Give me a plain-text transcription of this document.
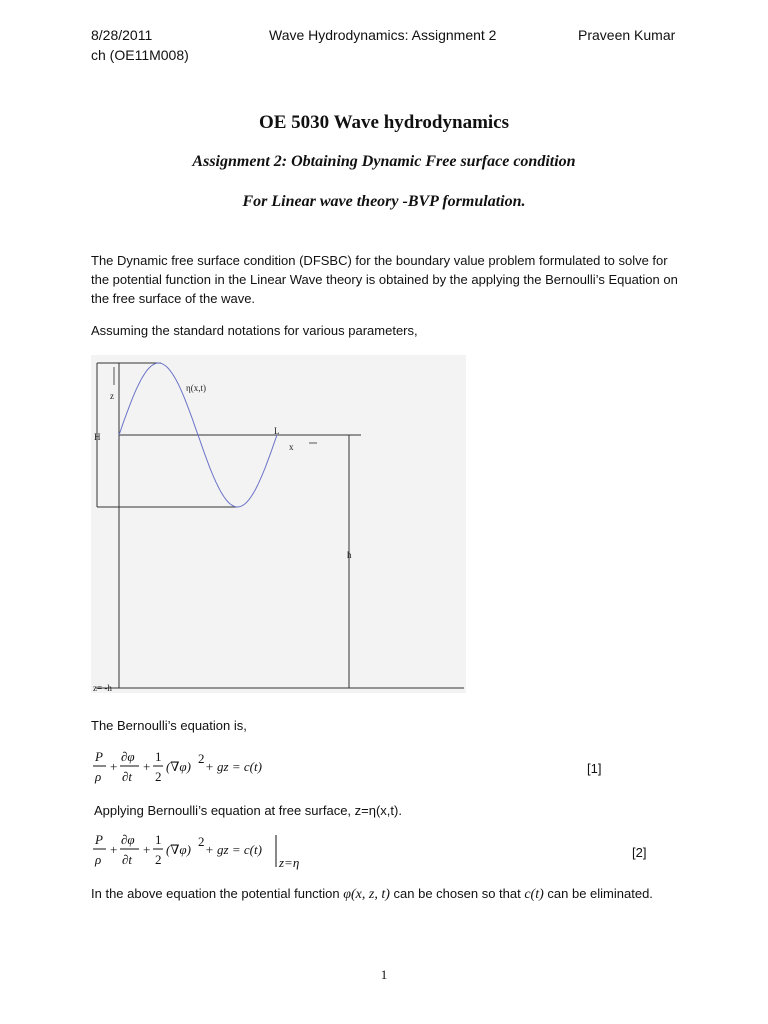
8/28/2011	Wave Hydrodynamics: Assignment 2	Praveen Kumar
ch (OE11M008)
OE 5030 Wave hydrodynamics
Assignment 2: Obtaining Dynamic Free surface condition
For Linear wave theory -BVP formulation.
The Dynamic free surface condition (DFSBC) for the boundary value problem formulated to solve for the potential function in the Linear Wave theory is obtained by the applying the Bernoulli’s Equation on the free surface of the wave.
Assuming the standard notations for various parameters,
η(x,t)
z
H
L
x
h
z= -h
The Bernoulli’s equation is,
P
ρ
+
∂φ
∂t
+
1
2
(∇φ)
2
+ gz = c(t)	[1]
Applying Bernoulli’s equation at free surface, z=η(x,t).
P
ρ
+
∂φ
∂t
+
1
2
(∇φ)
2
+ gz = c(t)
z=η
[2]
In the above equation the potential function φ(x, z, t) can be chosen so that c(t) can be eliminated.
1
